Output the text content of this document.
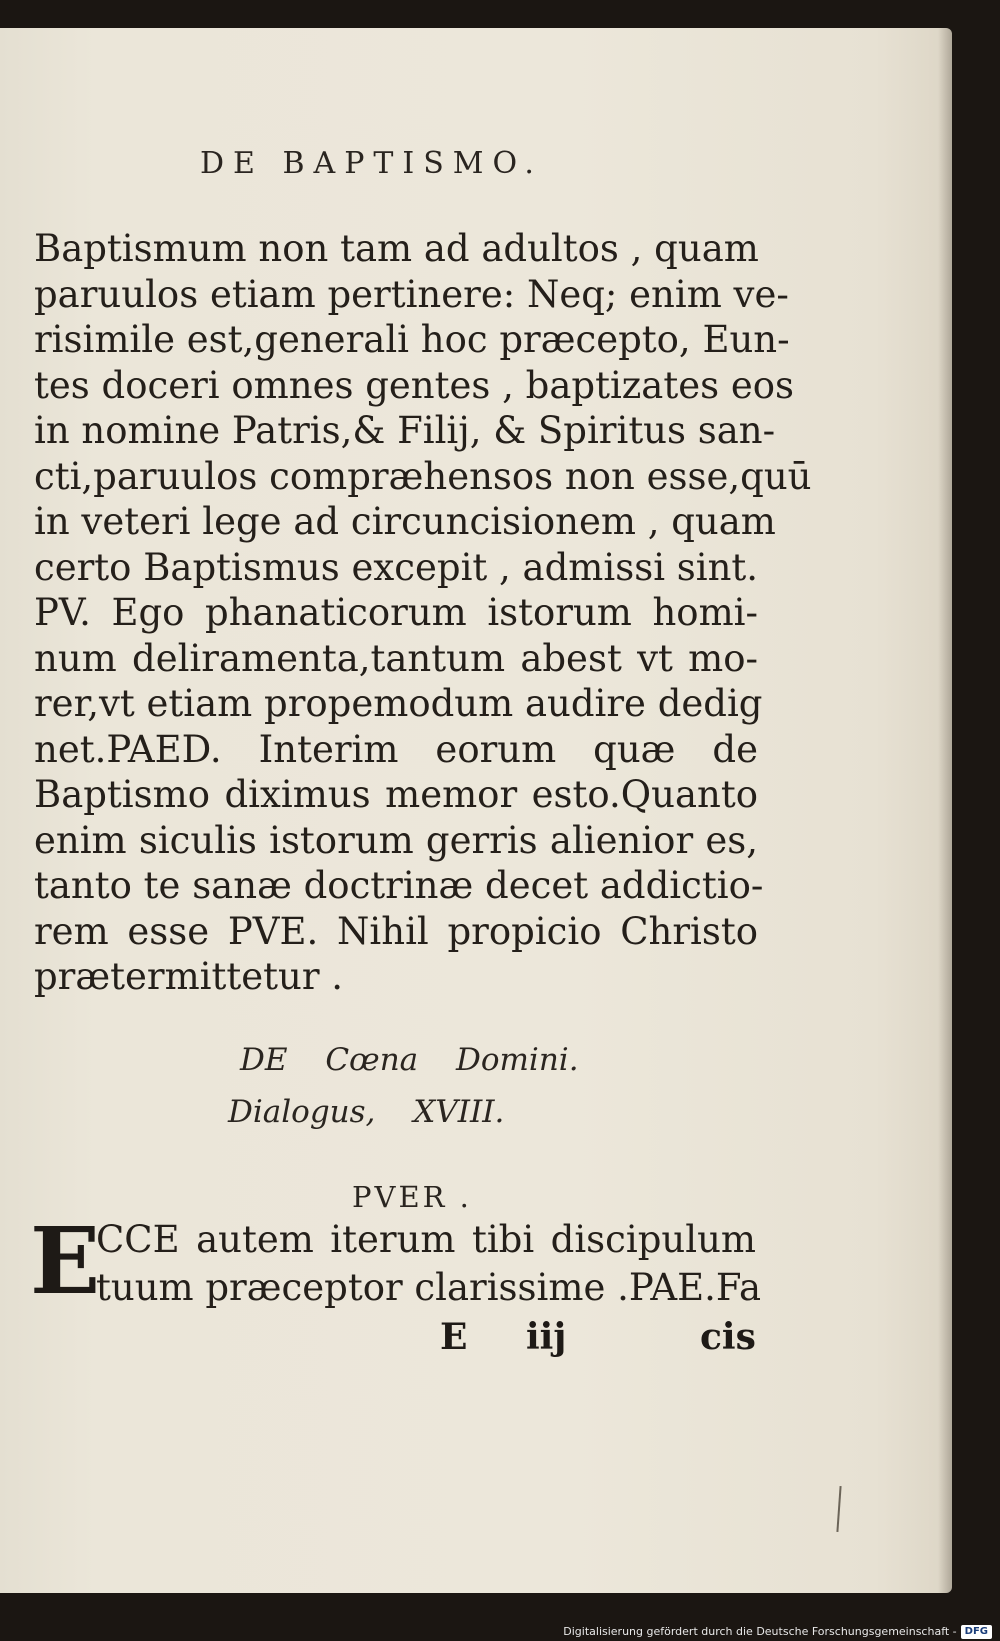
DE BAPTISMO.
Baptismum non tam ad adultos , quam
paruulos etiam pertinere: Neq; enim ve-
risimile est,generali hoc præcepto, Eun-
tes doceri omnes gentes , baptizates eos
in nomine Patris,& Filij, & Spiritus san-
cti,paruulos compræhensos non esse,quū
in veteri lege ad circuncisionem , quam
certo Baptismus excepit , admissi sint.
PV. Ego phanaticorum istorum homi-
num deliramenta,tantum abest vt mo-
rer,vt etiam propemodum audire dedig
net.PAED. Interim eorum quæ de
Baptismo diximus memor esto.Quanto
enim siculis istorum gerris alienior es,
tanto te sanæ doctrinæ decet addictio-
rem esse PVE. Nihil propicio Christo
prætermittetur .
DE Cœna Domini.
Dialogus, XVIII.
PVER .
E
CCE autem iterum tibi discipulum
tuum præceptor clarissime .PAE.Fa
E iij	cis
Digitalisierung gefördert durch die Deutsche Forschungsgemeinschaft - DFG
